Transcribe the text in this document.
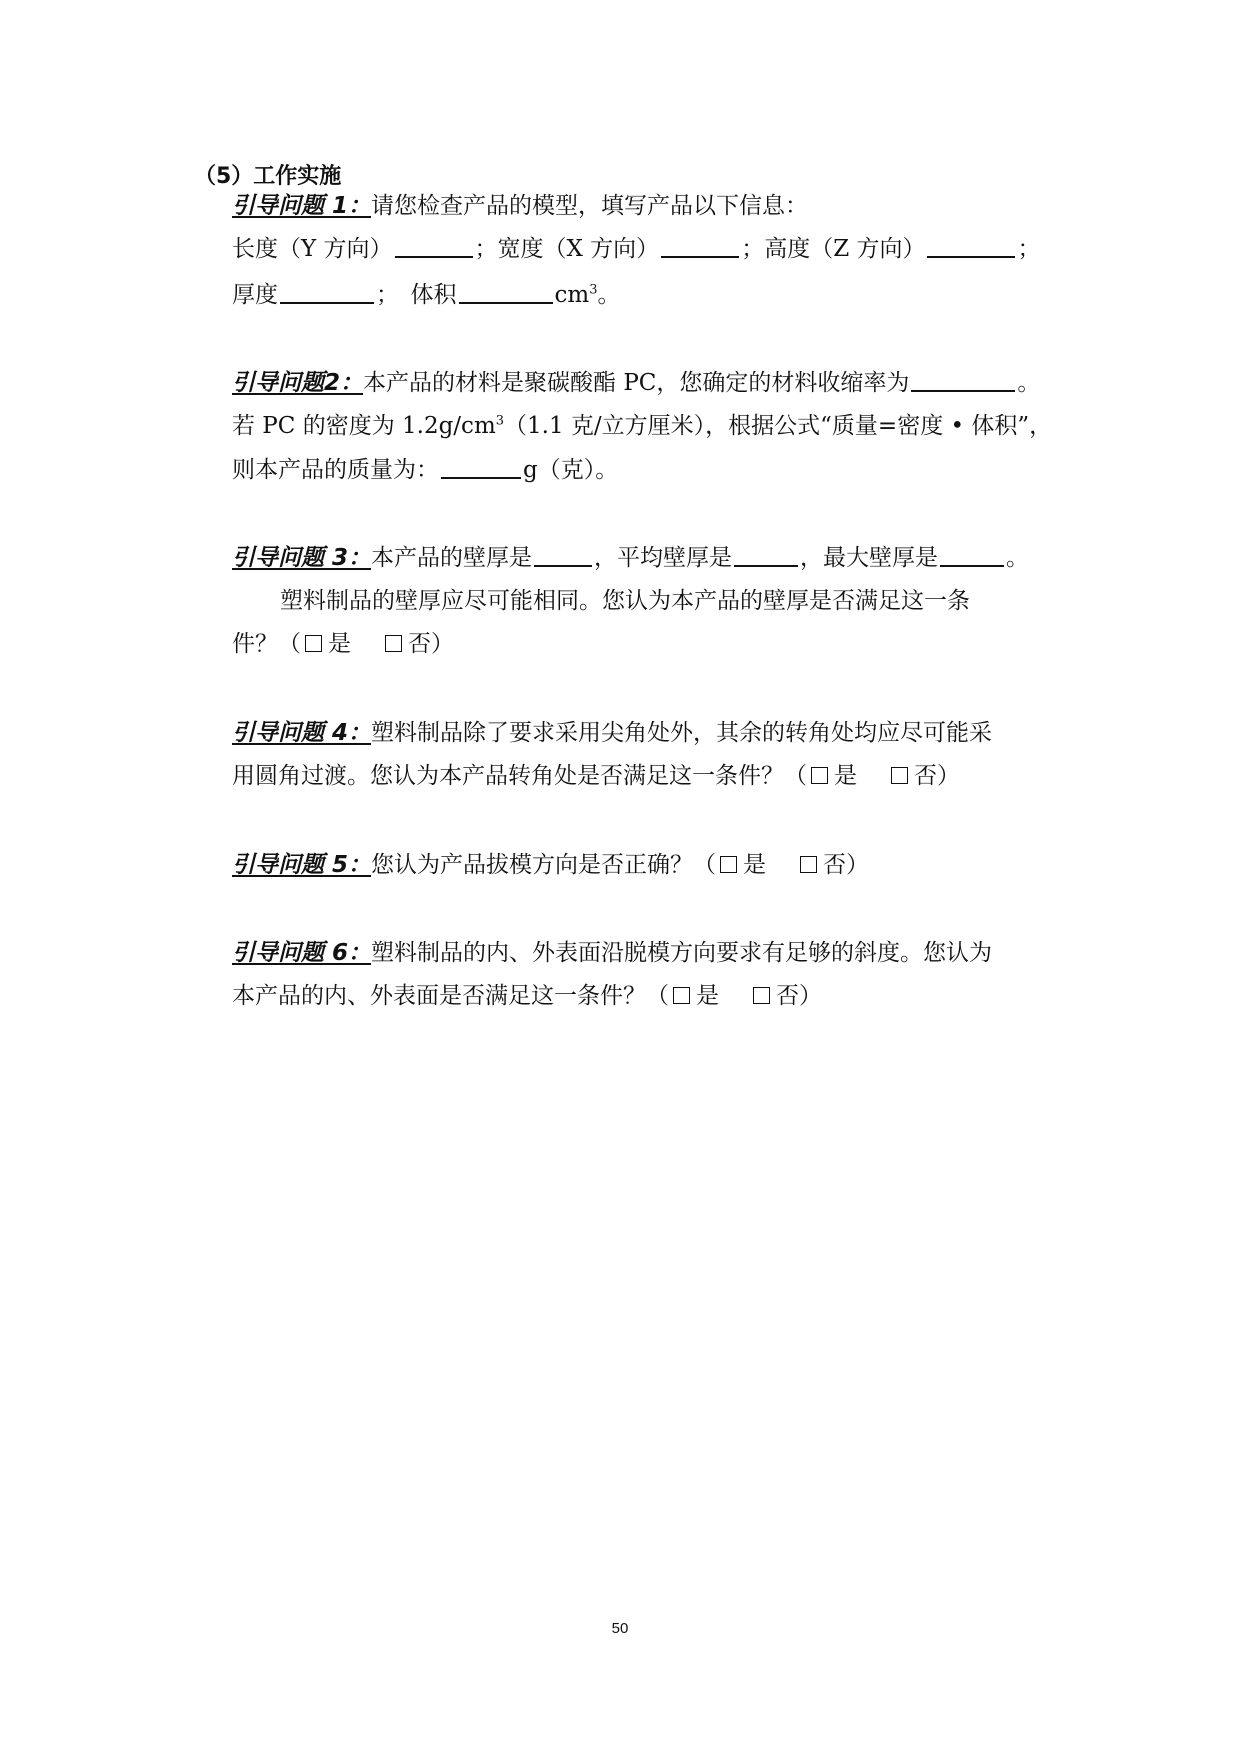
（5）工作实施
引导问题 1：请您检查产品的模型，填写产品以下信息：
长度（Y 方向）	；宽度（X 方向）	；高度（Z 方向）	；
厚度	；　体积	$cm^3$。
引导问题2：本产品的材料是聚碳酸酯 PC，您确定的材料收缩率为	。
若 PC 的密度为 $1.2g/cm^3(1.1$ 克/立方厘米），根据公式“质量=密度 • 体积”，
则本产品的质量为：	g（克）。
引导问题 3：本产品的壁厚是	，平均壁厚是	，最大壁厚是	。
塑料制品的壁厚应尽可能相同。您认为本产品的壁厚是否满足这一条
件？（ 是 否）
引导问题 4：塑料制品除了要求采用尖角处外，其余的转角处均应尽可能采
用圆角过渡。您认为本产品转角处是否满足这一条件？（ 是 否）
引导问题 5：您认为产品拔模方向是否正确？（ 是 否）
引导问题 6：塑料制品的内、外表面沿脱模方向要求有足够的斜度。您认为
本产品的内、外表面是否满足这一条件？（ 是 否）
50
